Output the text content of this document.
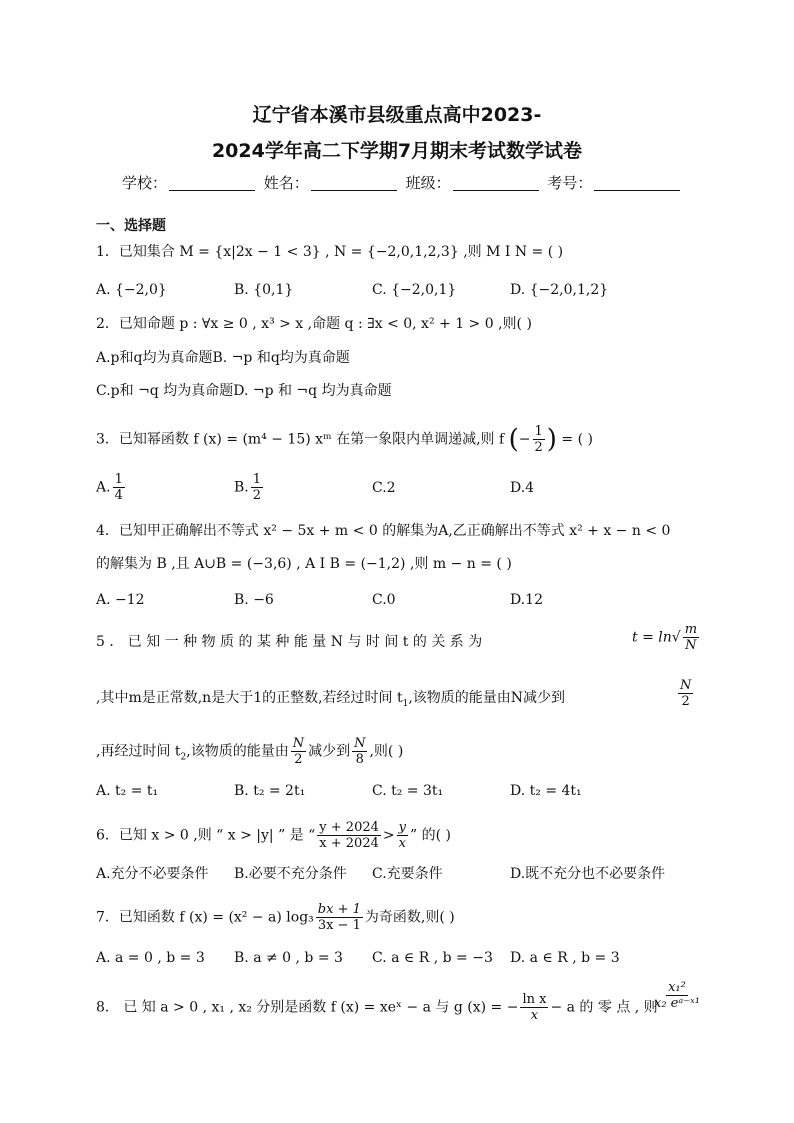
辽宁省本溪市县级重点高中2023-
2024学年高二下学期7月期末考试数学试卷
学校：	姓名：	班级：	考号：
一、选择题
1．已知集合 M = {x|2x − 1 < 3} , N = {−2,0,1,2,3} ,则 M I N = ( )
A. {−2,0}	B. {0,1}	C. {−2,0,1}	D. {−2,0,1,2}
2．已知命题 p : ∀x ≥ 0 , x³ > x ,命题 q : ∃x < 0, x² + 1 > 0 ,则( )
A.p和q均为真命题B. ¬p 和q均为真命题
C.p和 ¬q 均为真命题D. ¬p 和 ¬q 均为真命题
3．已知幂函数 f (x) = (m⁴ − 15) xᵐ 在第一象限内单调递减,则 f (− $\frac{1}{2}$ ) = ( )
A. $\frac{1}{4}$	B. $\frac{1}{2}$	C.2	D.4
4．已知甲正确解出不等式 x² − 5x + m < 0 的解集为A,乙正确解出不等式 x² + x − n < 0
的解集为 B ,且 A∪B = (−3,6) , A I B = (−1,2) ,则 m − n = ( )
A. −12	B. −6	C.0	D.12
5 ． 已 知 一 种 物 质 的 某 种 能 量 N 与 时 间 t 的 关 系 为	$t = \ln√ \frac{m}{N}$
,其中m是正常数,n是大于1的正整数,若经过时间 $t_1$,该物质的能量由N减少到	$\frac{N}{2}$
,再经过时间 $t_2$,该物质的能量由 $\frac{N}{2}$ 减少到 $\frac{N}{8}$ ,则( )
A. t₂ = t₁	B. t₂ = 2t₁	C. t₂ = 3t₁	D. t₂ = 4t₁
6．已知 x > 0 ,则 “ x > |y| ” 是 “ $\frac{y + 2024}{x + 2024} > \frac{y}{x}$ ” 的( )
A.充分不必要条件 B.必要不充分条件 C.充要条件	D.既不充分也不必要条件
7．已知函数 f (x) = (x² − a) $\log_3 \frac{bx + 1}{3x - 1}$ 为奇函数,则( )
A. a = 0 , b = 3 B. a ≠ 0 , b = 3 C. a ∈ R , b = −3 D. a ∈ R , b = 3
8． 已 知 a > 0 , x₁ , x₂ 分别是函数 f (x) = xeˣ − a 与 g (x) = − $\frac{\text{ln x}}{x} - a$ 的 零 点 , 则
$\frac{\text{x₁²}}{\text{x₂ eᵃ⁻ˣ¹}}$
